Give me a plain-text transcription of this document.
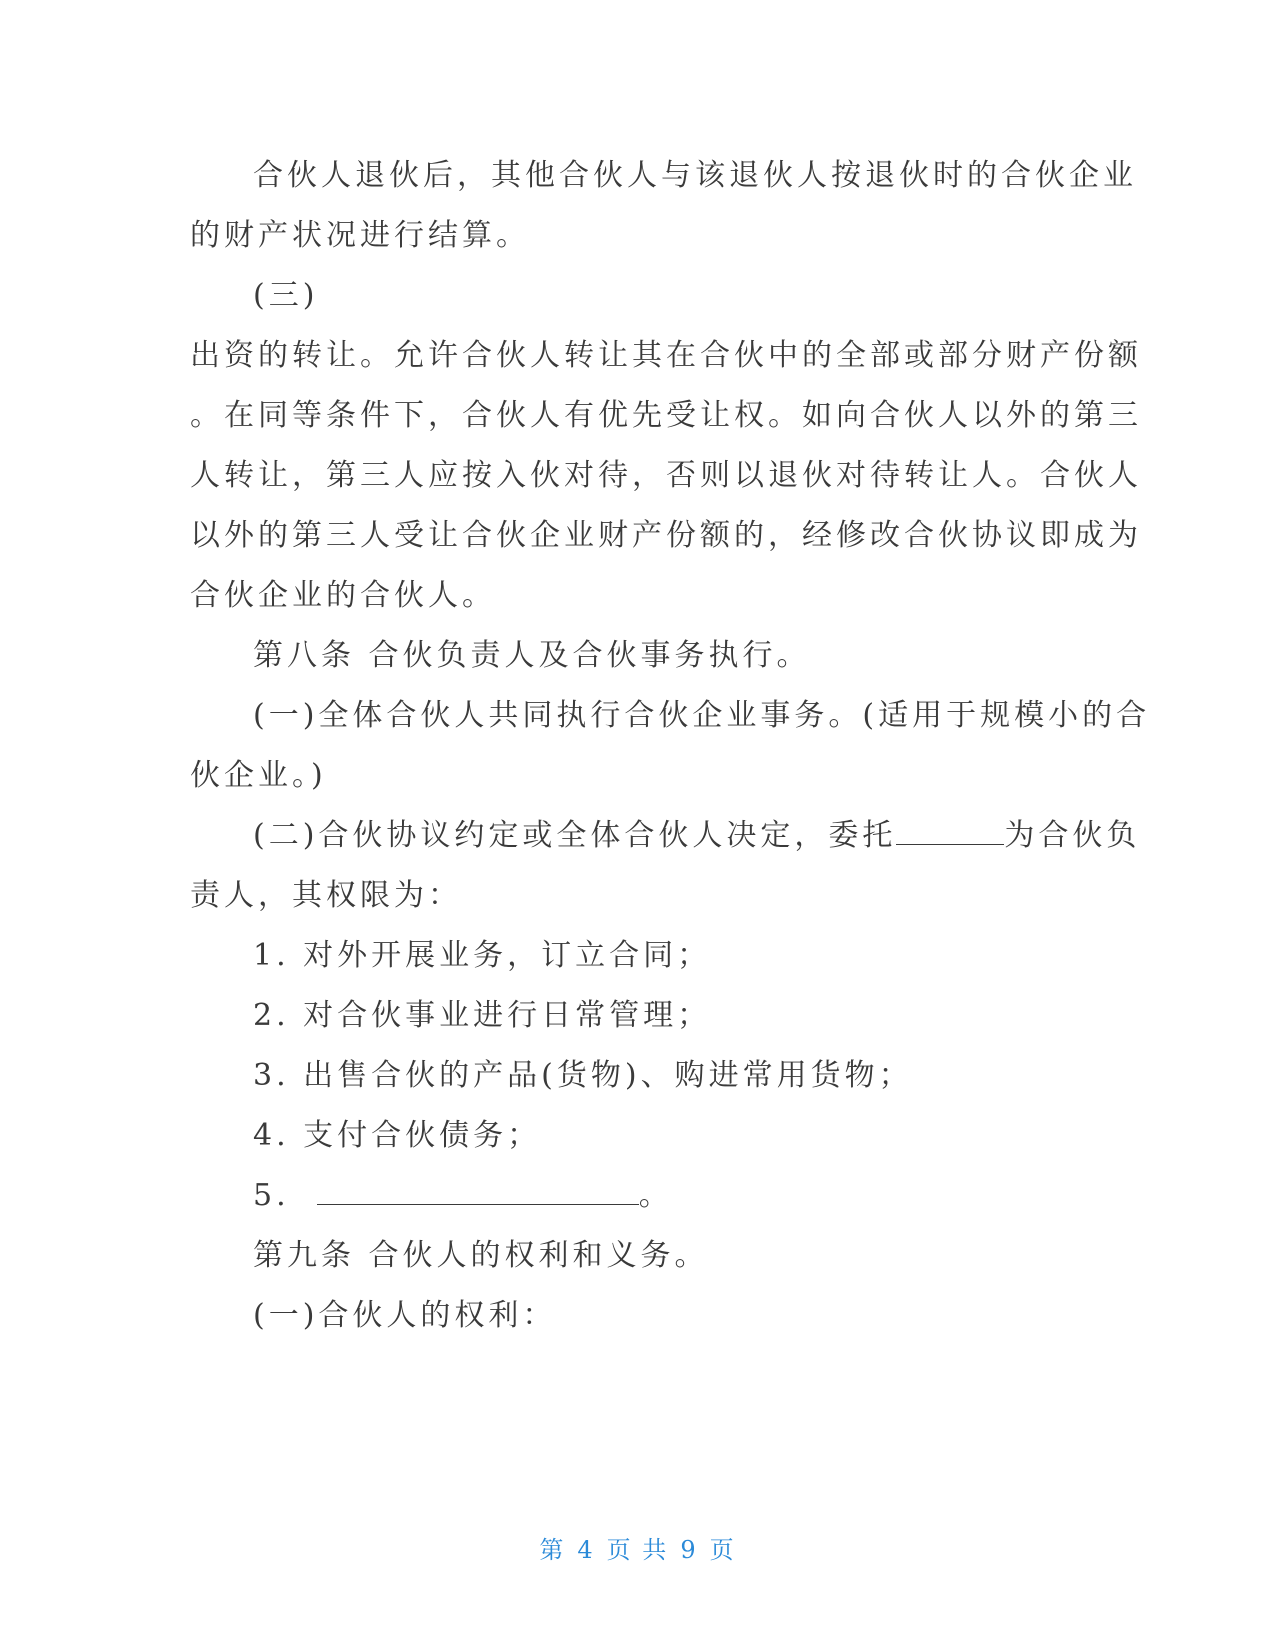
合伙人退伙后，其他合伙人与该退伙人按退伙时的合伙企业
的财产状况进行结算。
(三)
出资的转让。允许合伙人转让其在合伙中的全部或部分财产份额
。在同等条件下，合伙人有优先受让权。如向合伙人以外的第三
人转让，第三人应按入伙对待，否则以退伙对待转让人。合伙人
以外的第三人受让合伙企业财产份额的，经修改合伙协议即成为
合伙企业的合伙人。
第八条 合伙负责人及合伙事务执行。
(一)全体合伙人共同执行合伙企业事务。(适用于规模小的合
伙企业。)
(二)合伙协议约定或全体合伙人决定，委托	为合伙负
责人，其权限为：
1. 对外开展业务，订立合同；
2. 对合伙事业进行日常管理；
3. 出售合伙的产品(货物)、购进常用货物；
4. 支付合伙债务；
5.	。
第九条 合伙人的权利和义务。
(一)合伙人的权利：
第 4 页 共 9 页
